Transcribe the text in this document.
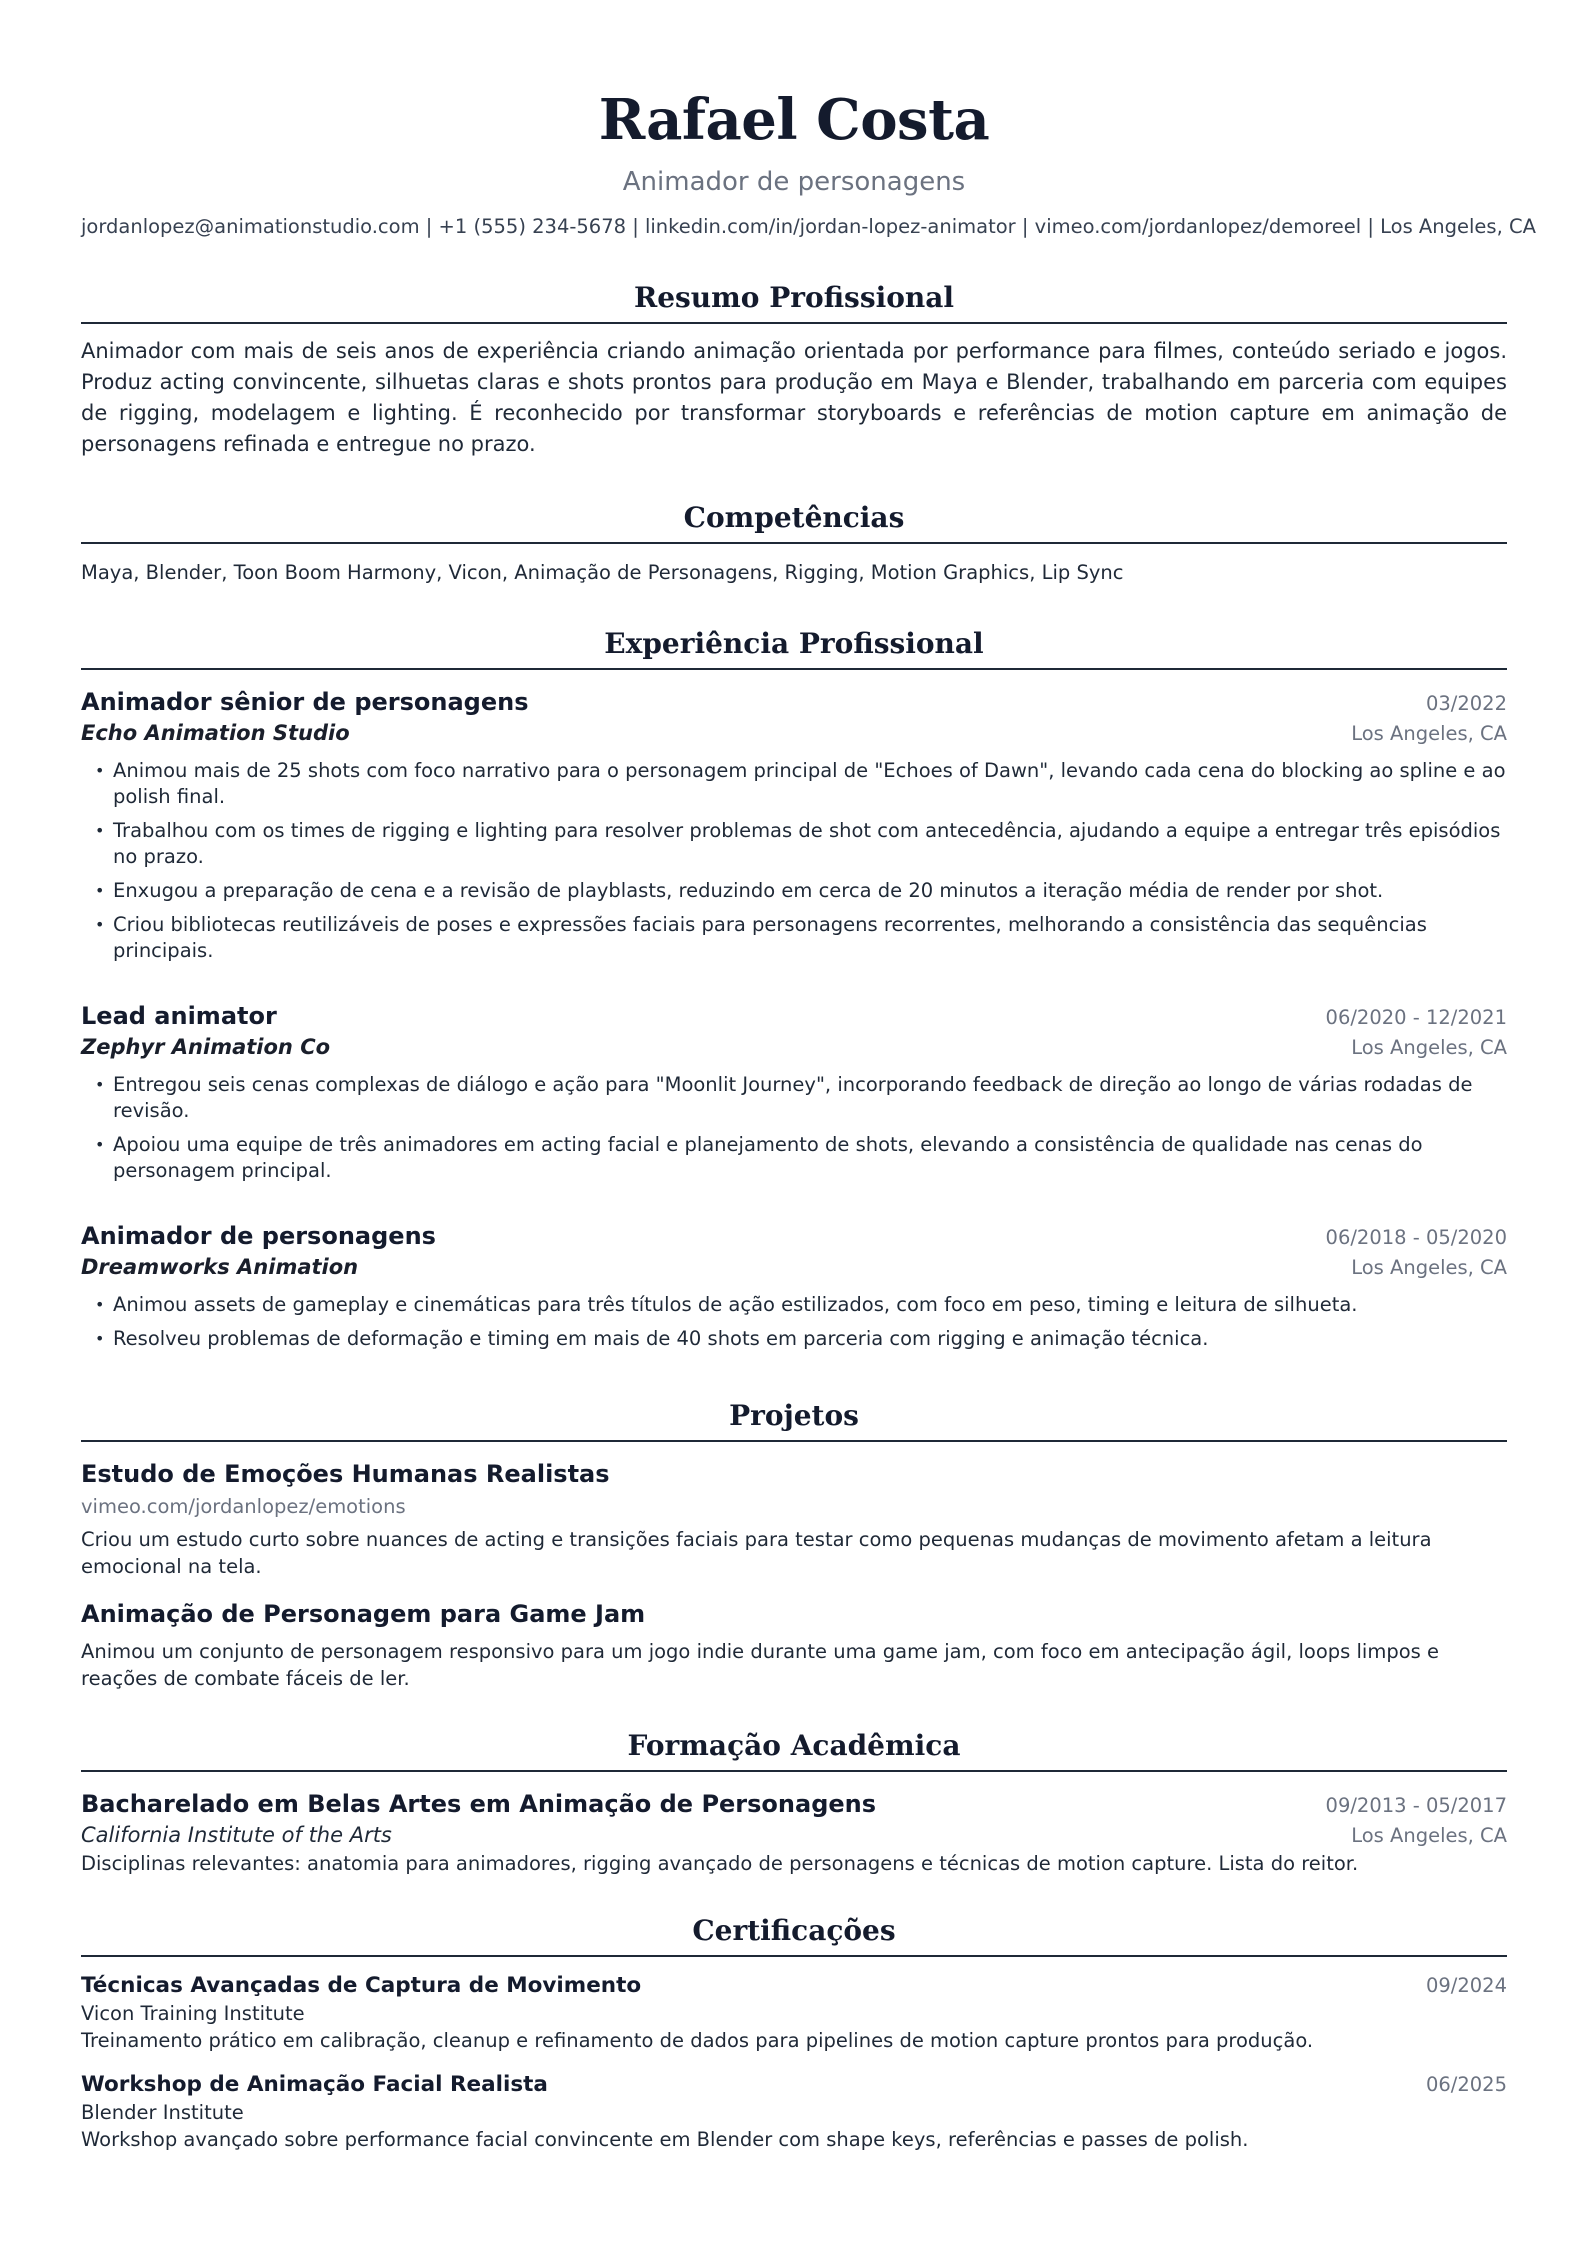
Rafael Costa
Animador de personagens
jordanlopez@animationstudio.com | +1 (555) 234-5678 | linkedin.com/in/jordan-lopez-animator | vimeo.com/jordanlopez/demoreel | Los Angeles, CA
Resumo Profissional
Animador com mais de seis anos de experiência criando animação orientada por performance para filmes, conteúdo seriado e jogos. Produz acting convincente, silhuetas claras e shots prontos para produção em Maya e Blender, trabalhando em parceria com equipes de rigging, modelagem e lighting. É reconhecido por transformar storyboards e referências de motion capture em animação de personagens refinada e entregue no prazo.
Competências
Maya, Blender, Toon Boom Harmony, Vicon, Animação de Personagens, Rigging, Motion Graphics, Lip Sync
Experiência Profissional
Animador sênior de personagens	03/2022
Echo Animation Studio	Los Angeles, CA
• Animou mais de 25 shots com foco narrativo para o personagem principal de "Echoes of Dawn", levando cada cena do blocking ao spline e ao polish final.
• Trabalhou com os times de rigging e lighting para resolver problemas de shot com antecedência, ajudando a equipe a entregar três episódios no prazo.
• Enxugou a preparação de cena e a revisão de playblasts, reduzindo em cerca de 20 minutos a iteração média de render por shot.
• Criou bibliotecas reutilizáveis de poses e expressões faciais para personagens recorrentes, melhorando a consistência das sequências principais.
Lead animator	06/2020 - 12/2021
Zephyr Animation Co	Los Angeles, CA
• Entregou seis cenas complexas de diálogo e ação para "Moonlit Journey", incorporando feedback de direção ao longo de várias rodadas de revisão.
• Apoiou uma equipe de três animadores em acting facial e planejamento de shots, elevando a consistência de qualidade nas cenas do personagem principal.
Animador de personagens	06/2018 - 05/2020
Dreamworks Animation	Los Angeles, CA
• Animou assets de gameplay e cinemáticas para três títulos de ação estilizados, com foco em peso, timing e leitura de silhueta.
• Resolveu problemas de deformação e timing em mais de 40 shots em parceria com rigging e animação técnica.
Projetos
Estudo de Emoções Humanas Realistas
vimeo.com/jordanlopez/emotions
Criou um estudo curto sobre nuances de acting e transições faciais para testar como pequenas mudanças de movimento afetam a leitura emocional na tela.
Animação de Personagem para Game Jam
Animou um conjunto de personagem responsivo para um jogo indie durante uma game jam, com foco em antecipação ágil, loops limpos e reações de combate fáceis de ler.
Formação Acadêmica
Bacharelado em Belas Artes em Animação de Personagens	09/2013 - 05/2017
California Institute of the Arts	Los Angeles, CA
Disciplinas relevantes: anatomia para animadores, rigging avançado de personagens e técnicas de motion capture. Lista do reitor.
Certificações
Técnicas Avançadas de Captura de Movimento	09/2024
Vicon Training Institute
Treinamento prático em calibração, cleanup e refinamento de dados para pipelines de motion capture prontos para produção.
Workshop de Animação Facial Realista	06/2025
Blender Institute
Workshop avançado sobre performance facial convincente em Blender com shape keys, referências e passes de polish.
